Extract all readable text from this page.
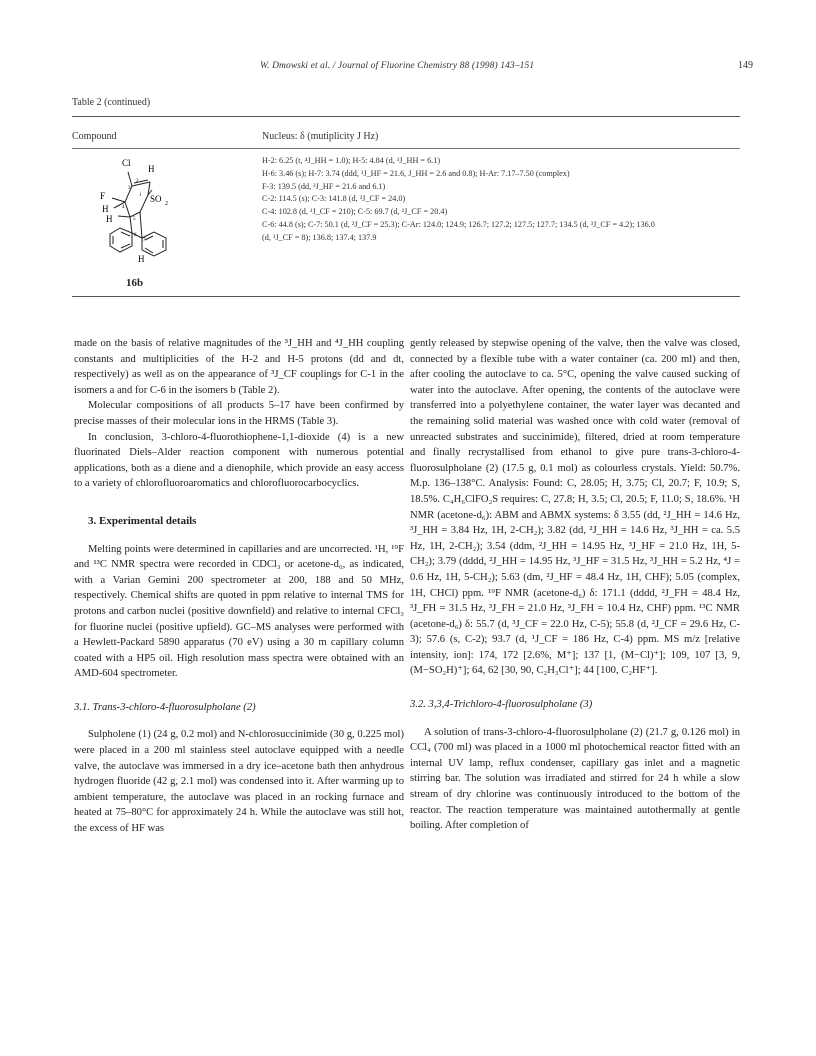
W. Dmowski et al. / Journal of Fluorine Chemistry 88 (1998) 143–151	149
Table 2 (continued)
Compound	Nucleus: δ (mutiplicity J Hz)
Cl
H
F
H
H
SO 2
H
1
2
3
4
5
6
7
16b
H-2: 6.25 (t, ⁴J_HH = 1.0); H-5: 4.84 (d, ³J_HH = 6.1)
H-6: 3.46 (s); H-7: 3.74 (ddd, ³J_HF = 21.6, J_HH = 2.6 and 0.8); H-Ar: 7.17–7.50 (complex)
F-3: 139.5 (dd, ³J_HF = 21.6 and 6.1)
C-2: 114.5 (s); C-3: 141.8 (d, ²J_CF = 24.0)
C-4: 102.8 (d, ¹J_CF = 210); C-5: 69.7 (d, ²J_CF = 20.4)
C-6: 44.8 (s); C-7: 50.1 (d, ²J_CF = 25.3); C-Ar: 124.0; 124.9; 126.7; 127.2; 127.5; 127.7; 134.5 (d, ³J_CF = 4.2); 136.0
(d, ³J_CF = 8); 136.8; 137.4; 137.9

made on the basis of relative magnitudes of the ³J_HH and ⁴J_HH coupling constants and multiplicities of the H-2 and H-5 protons (dd and dt, respectively) as well as on the appearance of ³J_CF couplings for C-1 in the isomers a and for C-6 in the isomers b (Table 2).

Molecular compositions of all products 5–17 have been confirmed by precise masses of their molecular ions in the HRMS (Table 3).

In conclusion, 3-chloro-4-fluorothiophene-1,1-dioxide (4) is a new fluorinated Diels–Alder reaction component with numerous potential applications, both as a diene and a dienophile, which provide an easy access to a variety of chlorofluoroaromatics and chlorofluorocarbocyclics.

3. Experimental details

Melting points were determined in capillaries and are uncorrected. ¹H, ¹⁹F and ¹³C NMR spectra were recorded in CDCl₃ or acetone-d₆, as indicated, with a Varian Gemini 200 spectrometer at 200, 188 and 50 MHz, respectively. Chemical shifts are quoted in ppm relative to internal TMS for protons and carbon nuclei (positive downfield) and relative to internal CFCl₃ for fluorine nuclei (positive upfield). GC–MS analyses were performed with a Hewlett-Packard 5890 apparatus (70 eV) using a 30 m capillary column coated with a HP5 oil. High resolution mass spectra were obtained with an AMD-604 spectrometer.

3.1. Trans-3-chloro-4-fluorosulpholane (2)

Sulpholene (1) (24 g, 0.2 mol) and N-chlorosuccinimide (30 g, 0.225 mol) were placed in a 200 ml stainless steel autoclave equipped with a needle valve, the autoclave was immersed in a dry ice–acetone bath then anhydrous hydrogen fluoride (42 g, 2.1 mol) was condensed into it. After warming up to ambient temperature, the autoclave was placed in an rocking furnace and heated at 75–80°C for approximately 24 h. While the autoclave was still hot, the excess of HF was

gently released by stepwise opening of the valve, then the valve was closed, connected by a flexible tube with a water container (ca. 200 ml) and then, after cooling the autoclave to ca. 5°C, opening the valve caused sucking of water into the autoclave. After opening, the contents of the autoclave were transferred into a polyethylene container, the water layer was decanted and the remaining solid material was washed once with cold water (removal of unreacted substrates and succinimide), filtered, dried at room temperature and finally recrystallised from ethanol to give pure trans-3-chloro-4-fluorosulpholane (2) (17.5 g, 0.1 mol) as colourless crystals. Yield: 50.7%. M.p. 136–138°C. Analysis: Found: C, 28.05; H, 3.75; Cl, 20.7; F, 10.9; S, 18.5%. C₄H₆ClFO₂S requires: C, 27.8; H, 3.5; Cl, 20.5; F, 11.0; S, 18.6%. ¹H NMR (acetone-d₆): ABM and ABMX systems: δ 3.55 (dd, ²J_HH = 14.6 Hz, ³J_HH = 3.84 Hz, 1H, 2-CH₂); 3.82 (dd, ²J_HH = 14.6 Hz, ³J_HH = ca. 5.5 Hz, 1H, 2-CH₂); 3.54 (ddm, ²J_HH = 14.95 Hz, ³J_HF = 21.0 Hz, 1H, 5-CH₂); 3.79 (dddd, ²J_HH = 14.95 Hz, ³J_HF = 31.5 Hz, ³J_HH = 5.2 Hz, ⁴J = 0.6 Hz, 1H, 5-CH₂); 5.63 (dm, ²J_HF = 48.4 Hz, 1H, CHF); 5.05 (complex, 1H, CHCl) ppm. ¹⁹F NMR (acetone-d₆) δ: 171.1 (dddd, ²J_FH = 48.4 Hz, ³J_FH = 31.5 Hz, ³J_FH = 21.0 Hz, ³J_FH = 10.4 Hz, CHF) ppm. ¹³C NMR (acetone-d₆) δ: 55.7 (d, ³J_CF = 22.0 Hz, C-5); 55.8 (d, ²J_CF = 29.6 Hz, C-3); 57.6 (s, C-2); 93.7 (d, ¹J_CF = 186 Hz, C-4) ppm. MS m/z [relative intensity, ion]: 174, 172 [2.6%, M⁺]; 137 [1, (M−Cl)⁺]; 109, 107 [3, 9, (M−SO₂H)⁺]; 64, 62 [30, 90, C₂H₃Cl⁺]; 44 [100, C₂HF⁺].

3.2. 3,3,4-Trichloro-4-fluorosulpholane (3)

A solution of trans-3-chloro-4-fluorosulpholane (2) (21.7 g, 0.126 mol) in CCl₄ (700 ml) was placed in a 1000 ml photochemical reactor fitted with an internal UV lamp, reflux condenser, capillary gas inlet and a magnetic stirring bar. The solution was irradiated and stirred for 24 h while a slow stream of dry chlorine was continuously introduced to the bottom of the reactor. The reaction temperature was maintained autothermally at gentle boiling. After completion of
